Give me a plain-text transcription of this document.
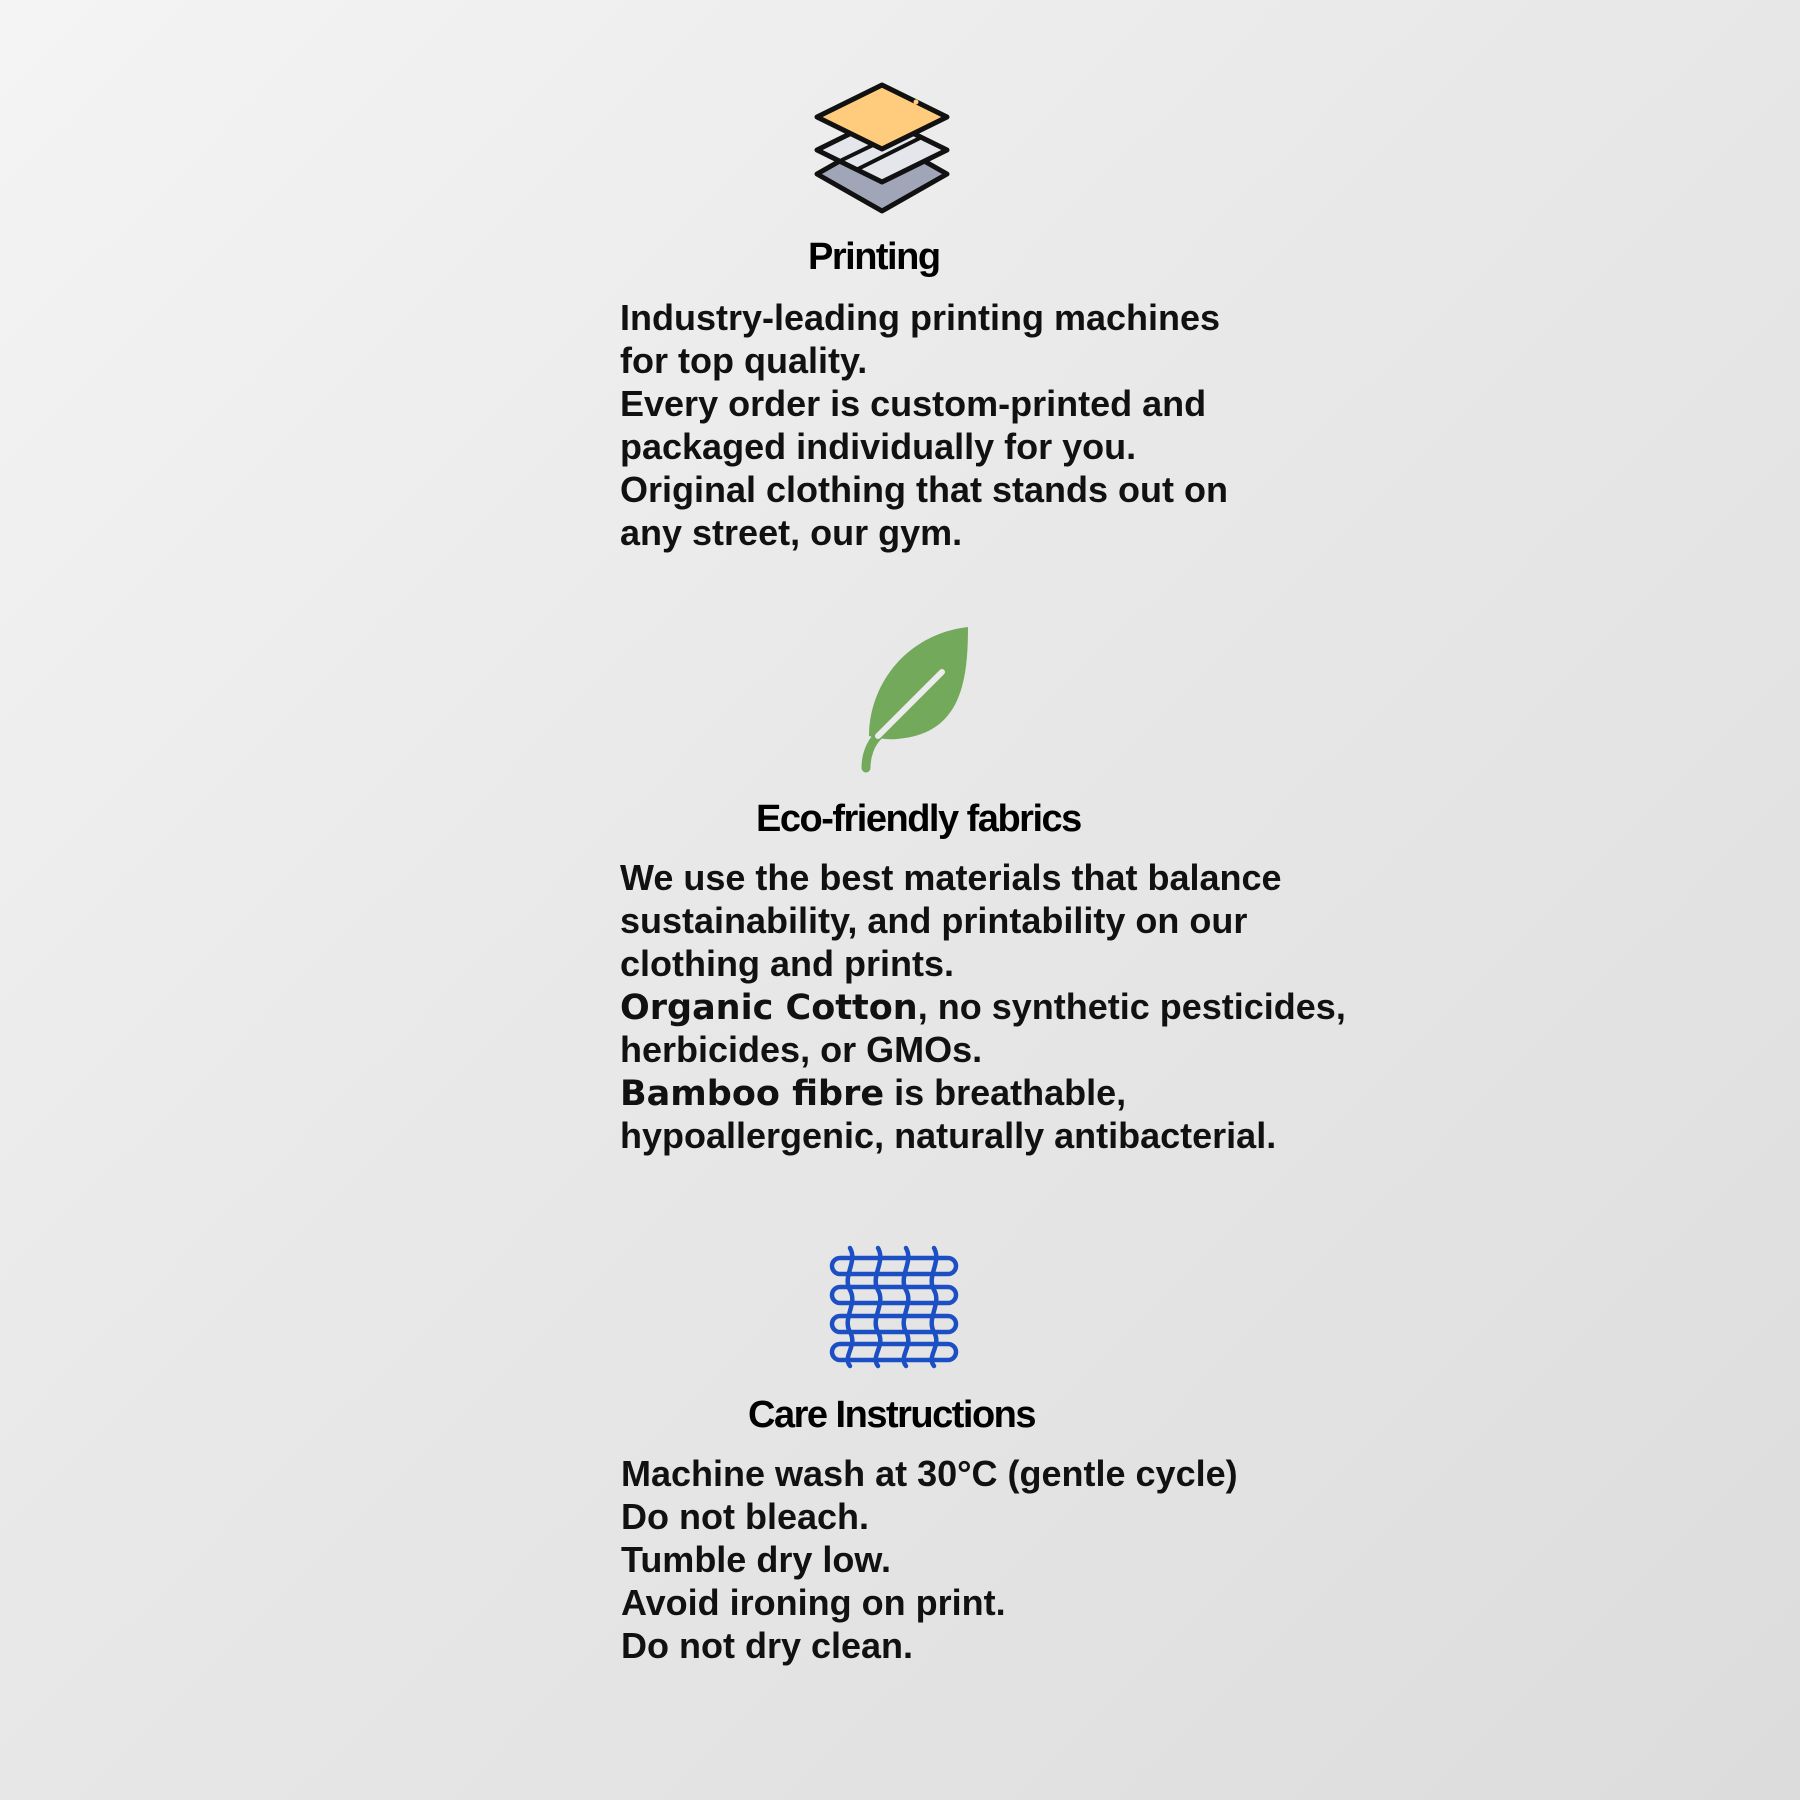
Printing
Industry-leading printing machines
for top quality.
Every order is custom-printed and
packaged individually for you.
Original clothing that stands out on
any street, our gym.
Eco-friendly fabrics
We use the best materials that balance
sustainability, and printability on our
clothing and prints.
Organic Cotton, no synthetic pesticides,
herbicides, or GMOs.
Bamboo fibre is breathable,
hypoallergenic, naturally antibacterial.
Care Instructions
Machine wash at 30°C (gentle cycle)
Do not bleach.
Tumble dry low.
Avoid ironing on print.
Do not dry clean.
